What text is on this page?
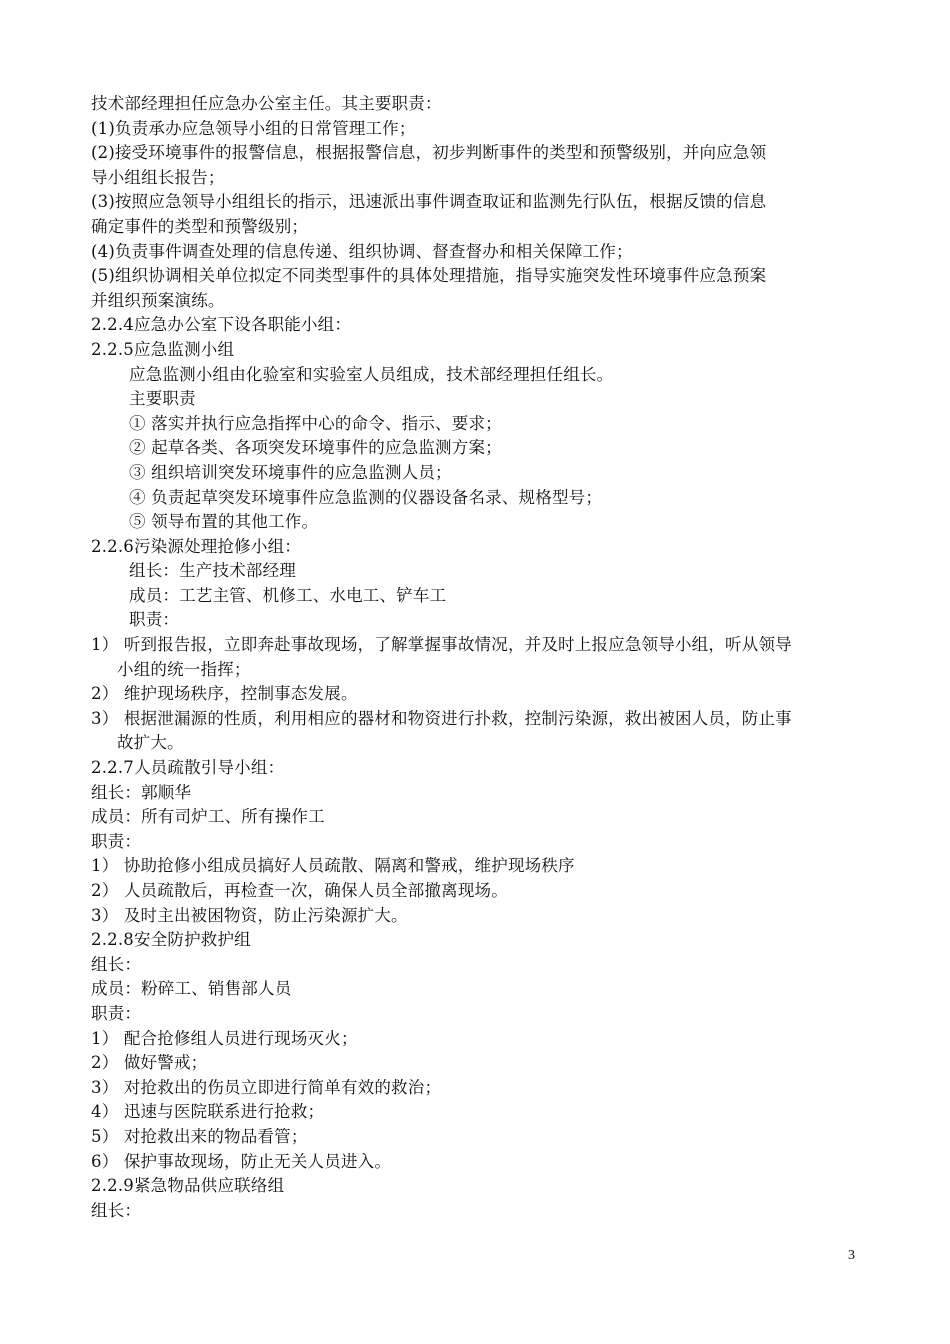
技术部经理担任应急办公室主任。其主要职责：
(1)负责承办应急领导小组的日常管理工作；
(2)接受环境事件的报警信息，根据报警信息，初步判断事件的类型和预警级别，并向应急领
导小组组长报告；
(3)按照应急领导小组组长的指示，迅速派出事件调查取证和监测先行队伍，根据反馈的信息
确定事件的类型和预警级别；
(4)负责事件调查处理的信息传递、组织协调、督查督办和相关保障工作；
(5)组织协调相关单位拟定不同类型事件的具体处理措施，指导实施突发性环境事件应急预案
并组织预案演练。
2.2.4应急办公室下设各职能小组：
2.2.5应急监测小组
应急监测小组由化验室和实验室人员组成，技术部经理担任组长。
主要职责
① 落实并执行应急指挥中心的命令、指示、要求；
② 起草各类、各项突发环境事件的应急监测方案；
③ 组织培训突发环境事件的应急监测人员；
④ 负责起草突发环境事件应急监测的仪器设备名录、规格型号；
⑤ 领导布置的其他工作。
2.2.6污染源处理抢修小组：
组长：生产技术部经理
成员：工艺主管、机修工、水电工、铲车工
职责：
1） 听到报告报，立即奔赴事故现场，了解掌握事故情况，并及时上报应急领导小组，听从领导
小组的统一指挥；
2） 维护现场秩序，控制事态发展。
3） 根据泄漏源的性质，利用相应的器材和物资进行扑救，控制污染源，救出被困人员，防止事
故扩大。
2.2.7人员疏散引导小组：
组长：郭顺华
成员：所有司炉工、所有操作工
职责：
1） 协助抢修小组成员搞好人员疏散、隔离和警戒，维护现场秩序
2） 人员疏散后，再检查一次，确保人员全部撤离现场。
3） 及时主出被困物资，防止污染源扩大。
2.2.8安全防护救护组
组长：
成员：粉碎工、销售部人员
职责：
1） 配合抢修组人员进行现场灭火；
2） 做好警戒；
3） 对抢救出的伤员立即进行简单有效的救治；
4） 迅速与医院联系进行抢救；
5） 对抢救出来的物品看管；
6） 保护事故现场，防止无关人员进入。
2.2.9紧急物品供应联络组
组长：
3
